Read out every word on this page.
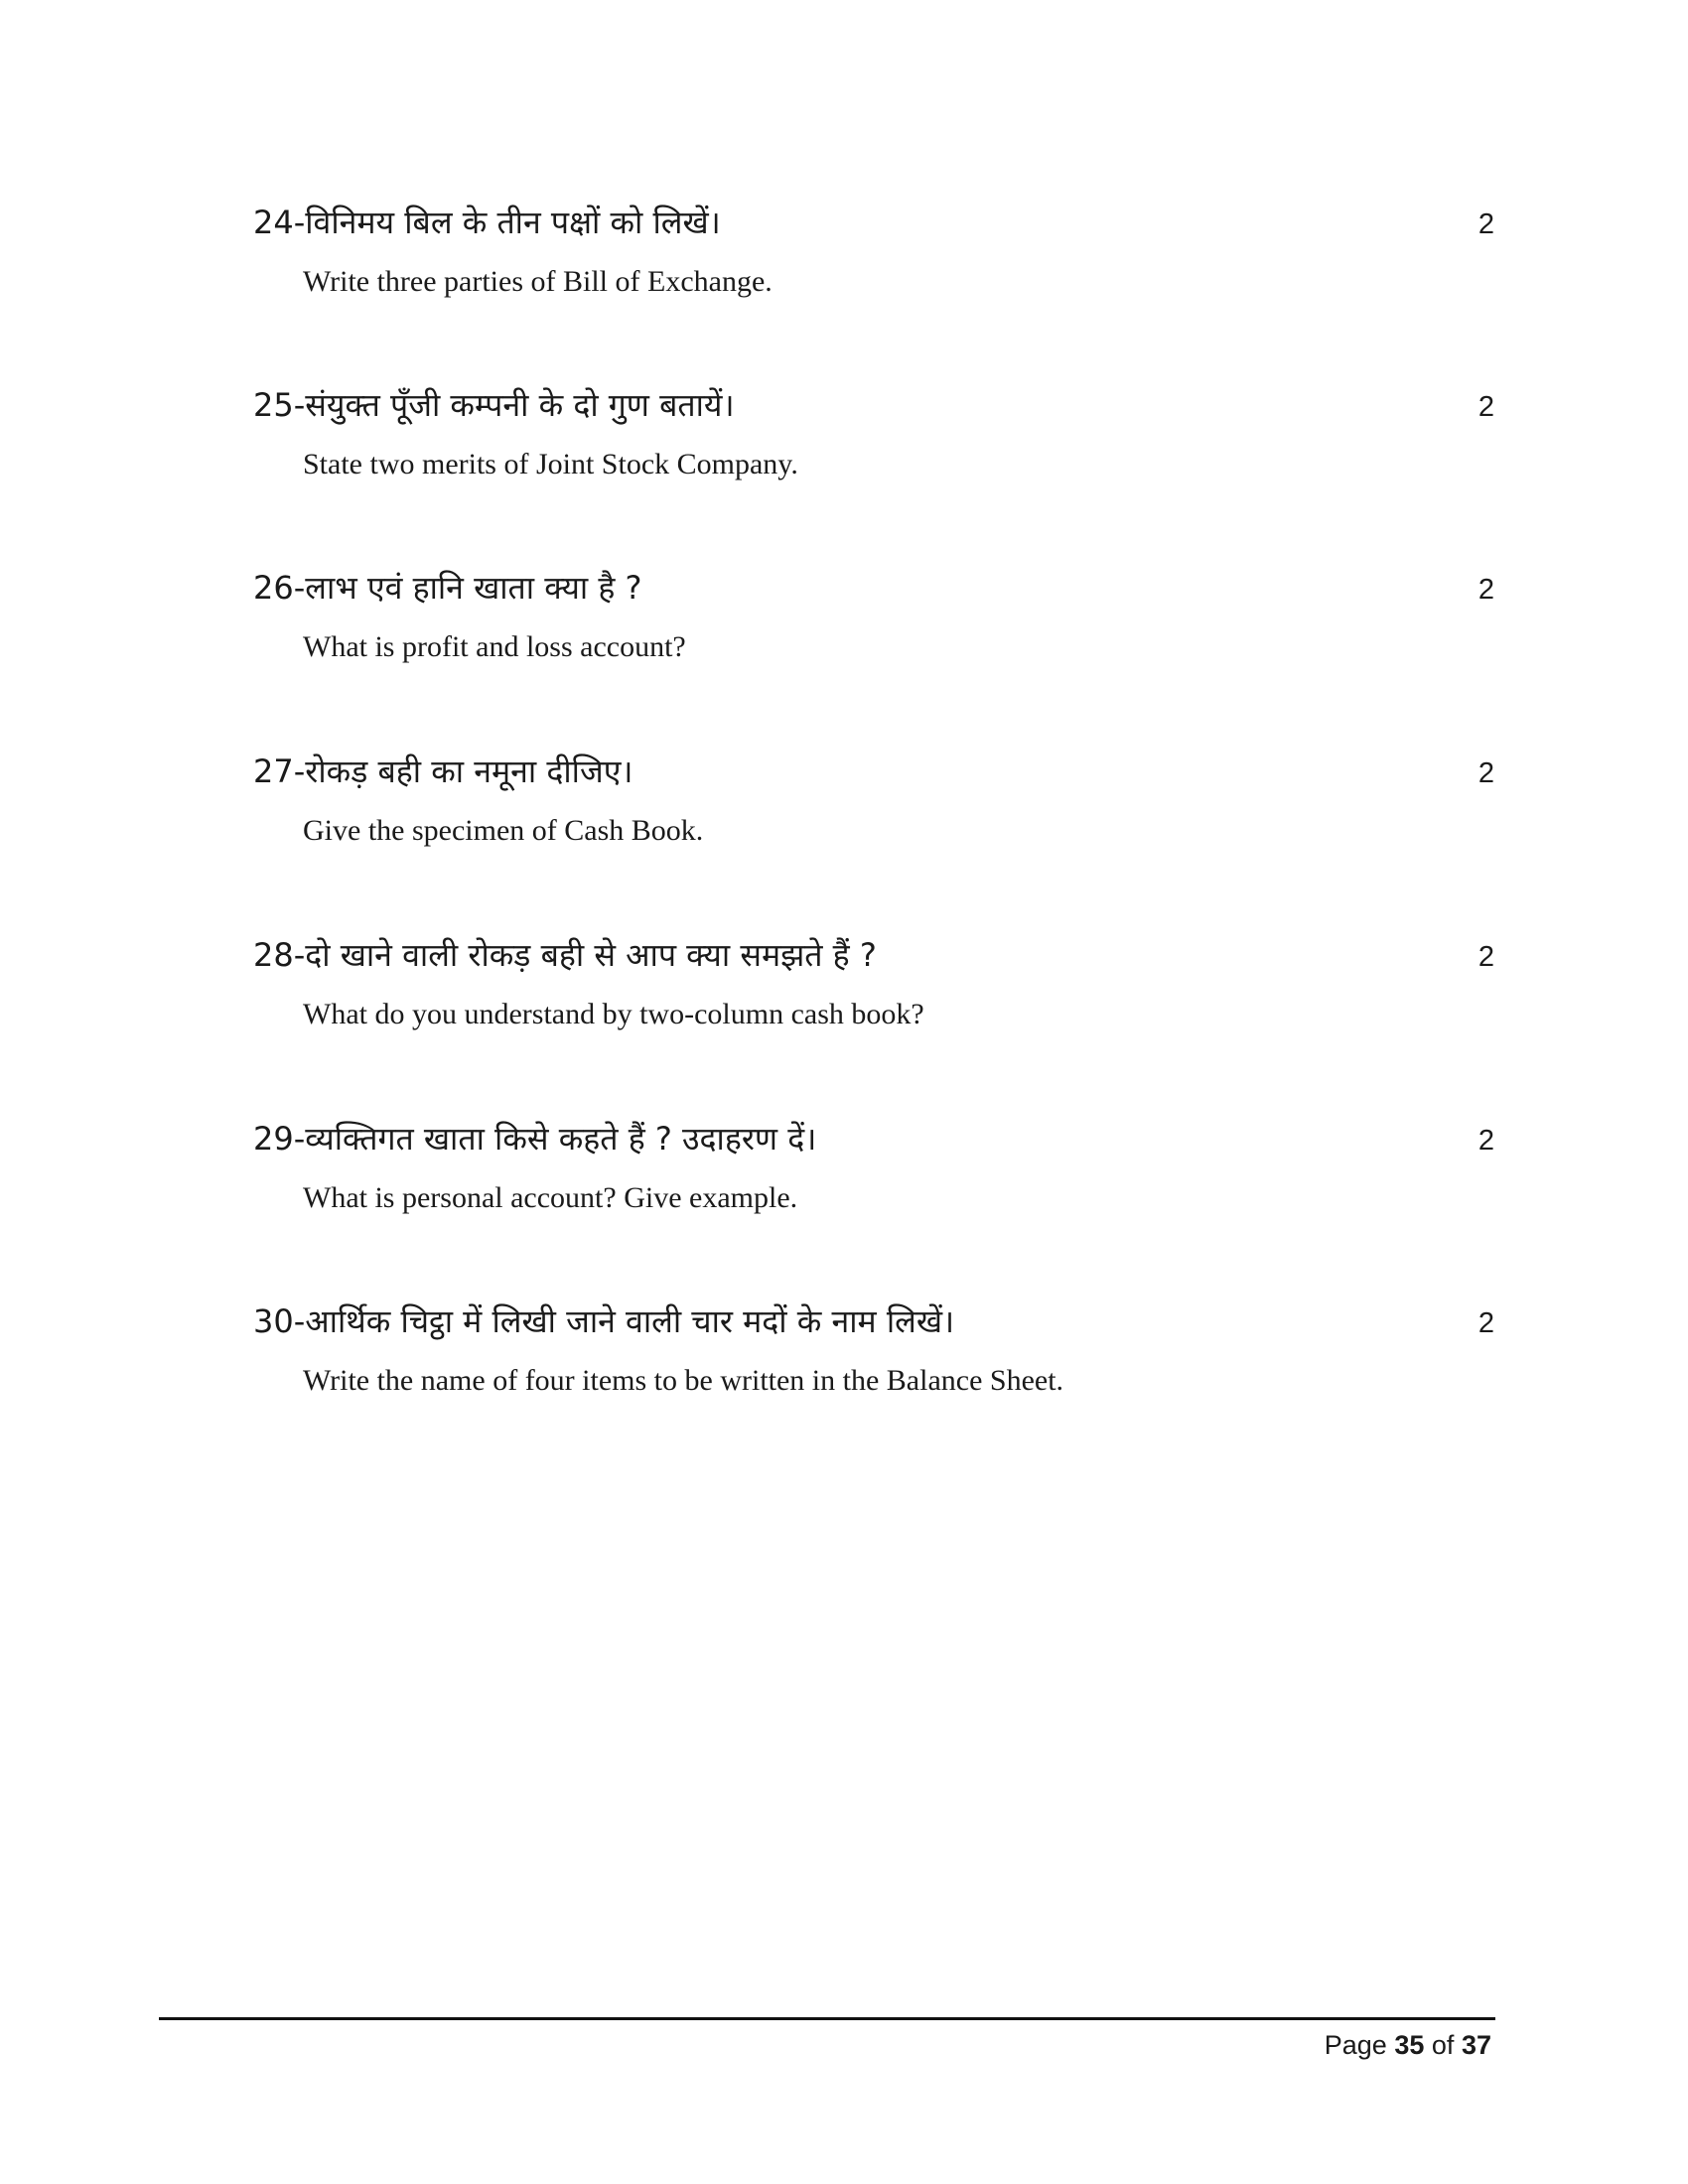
24-विनिमय बिल के तीन पक्षों को लिखें।
Write three parties of Bill of Exchange.
2
25-संयुक्त पूँजी कम्पनी के दो गुण बतायें।
State two merits of Joint Stock Company.
2
26-लाभ एवं हानि खाता क्या है ?
What is profit and loss account?
2
27-रोकड़ बही का नमूना दीजिए।
Give the specimen of Cash Book.
2
28-दो खाने वाली रोकड़ बही से आप क्या समझते हैं ?
What do you understand by two-column cash book?
2
29-व्यक्तिगत खाता किसे कहते हैं ? उदाहरण दें।
What is personal account? Give example.
2
30-आर्थिक चिट्ठा में लिखी जाने वाली चार मदों के नाम लिखें।
Write the name of four items to be written in the Balance Sheet.
2
Page 35 of 37
